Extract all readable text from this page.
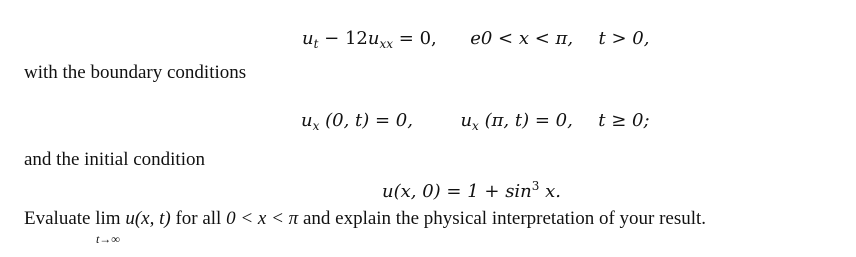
$u_t - 12u_{xx} = 0$, e0 < x < π, t > 0,
with the boundary conditions
$u_x$ (0, t) = 0,	$u_x$ (π, t) = 0, t ≥ 0;
and the initial condition
u(x, $0) = 1 + \sin^3 x$.
Evaluate lim
t→∞
u(x, t) for all 0 < x < π and explain the physical interpretation of your result.
